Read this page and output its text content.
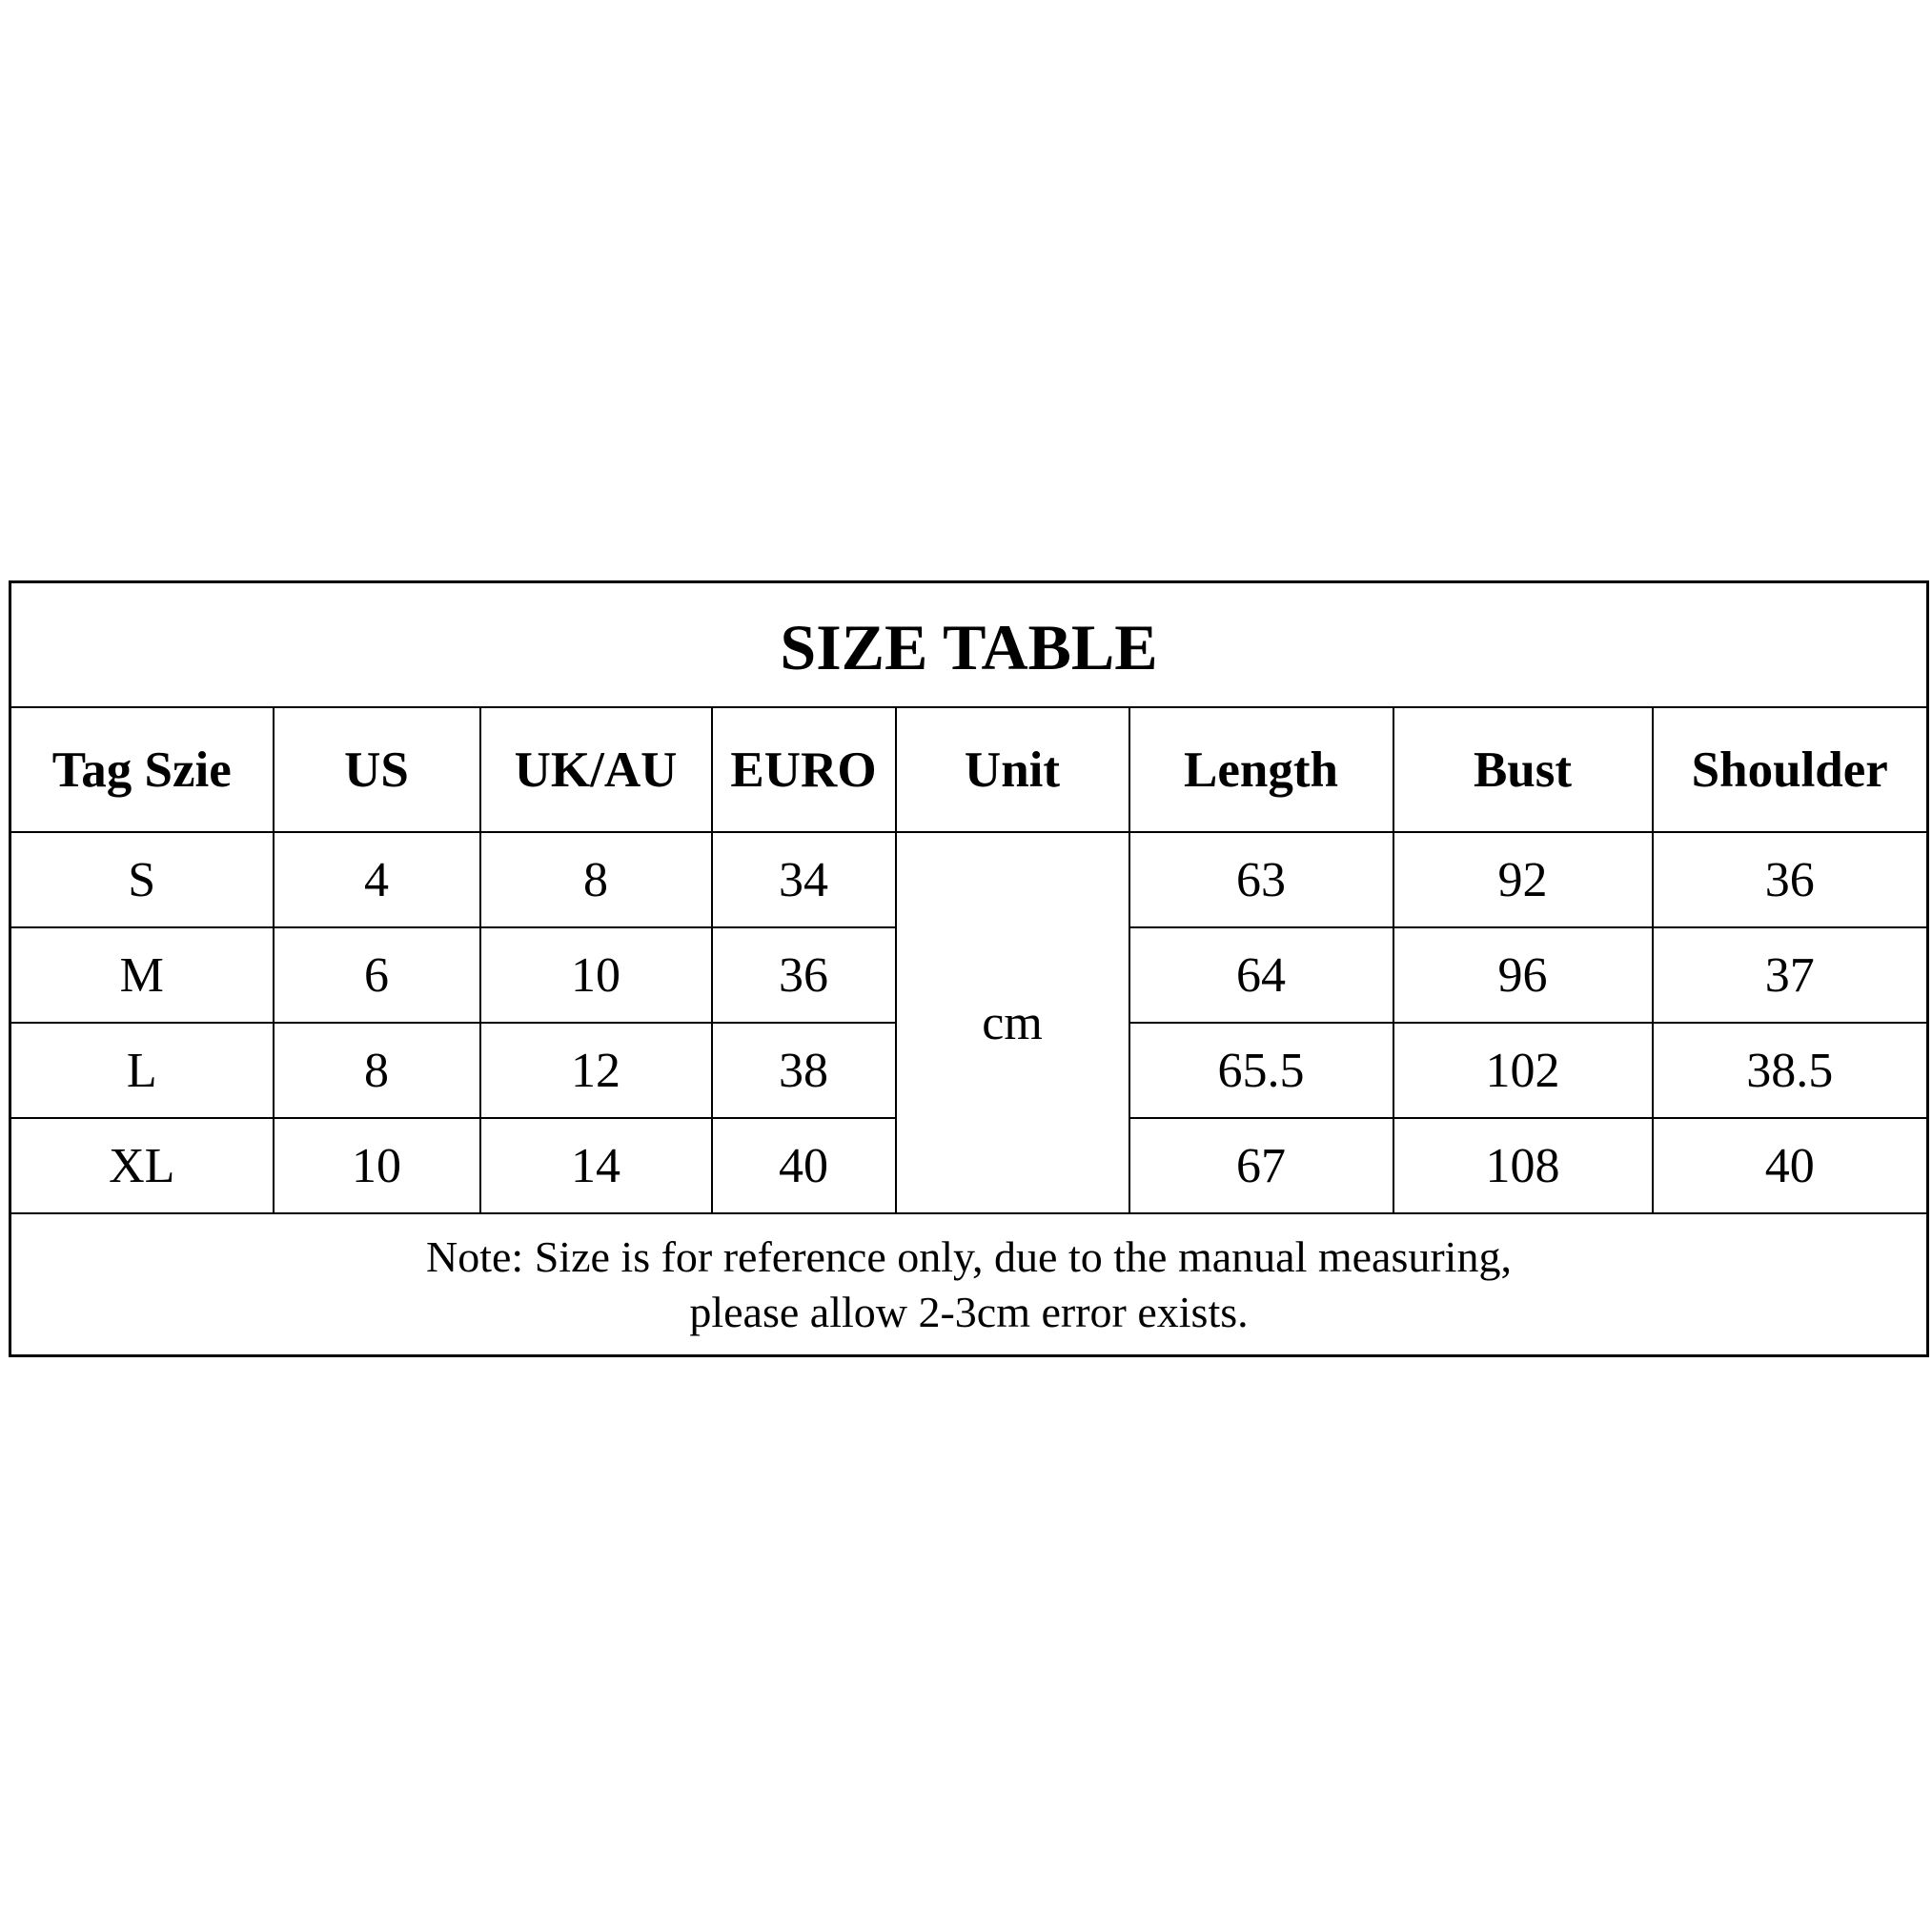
SIZE TABLE							
Tag Szie	US	UK/AU	EURO	Unit	Length	Bust	Shoulder
S	4	8	34	cm	63	92	36
M	6	10	36		64	96	37
L	8	12	38		65.5	102	38.5
XL	10	14	40		67	108	40

Note: Size is for reference only, due to the manual measuring,
please allow 2-3cm error exists.							
